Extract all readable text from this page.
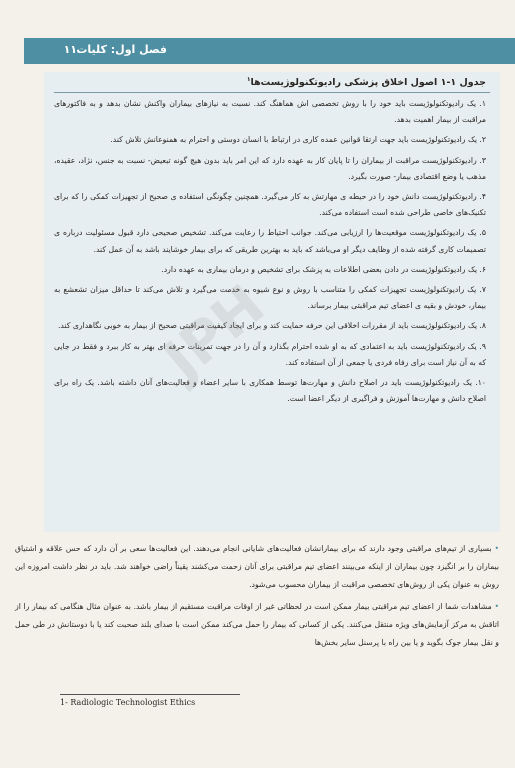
فصل اول: کلیات
۱۱
جدول ۱-۱ اصول اخلاق پزشکی رادیوتکنولوژیست‌ها$^۱$

۱. یک رادیوتکنولوژیست باید خود را با روش تخصصی اش هماهنگ کند. نسبت به نیازهای بیماران واکنش نشان بدهد و به فاکتورهای مراقبت از بیمار اهمیت بدهد.

۲. یک رادیوتکنولوژیست باید جهت ارتقا قوانین عمده کاری در ارتباط با انسان دوستی و احترام به همنوعانش تلاش کند.

۳. رادیوتکنولوژیست مراقبت از بیماران را تا پایان کار به عهده دارد که این امر باید بدون هیچ گونه تبعیض- نسبت به جنس، نژاد، عقیده، مذهب یا وضع اقتصادی بیمار- صورت بگیرد.

۴. رادیوتکنولوژیست دانش خود را در حیطه ی مهارتش به کار می‌گیرد. همچنین چگونگی استفاده ی صحیح از تجهیزات کمکی را که برای تکنیک‌های خاصی طراحی شده است استفاده می‌کند.

۵. یک رادیوتکنولوژیست موقعیت‌ها را ارزیابی می‌کند. جوانب احتیاط را رعایت می‌کند. تشخیص صحیحی دارد قبول مسئولیت درباره ی تصمیمات کاری گرفته شده از وظایف دیگر او می‌باشد که باید به بهترین طریقی که برای بیمار خوشایند باشد به آن عمل کند.

۶. یک رادیوتکنولوژیست در دادن بعضی اطلاعات به پزشک برای تشخیص و درمان بیماری به عهده دارد.

۷. یک رادیوتکنولوژیست تجهیزات کمکی را متناسب با روش و نوع شیوه به خدمت می‌گیرد و تلاش می‌کند تا حداقل میزان تشعشع به بیمار، خودش و بقیه ی اعضای تیم مراقبتی بیمار برساند.

۸. یک رادیوتکنولوژیست باید از مقررات اخلاقی این حرفه حمایت کند و برای ایجاد کیفیت مراقبتی صحیح از بیمار به خوبی نگاهداری کند.

۹. یک رادیوتکنولوژیست باید به اعتمادی که به او شده احترام بگذارد و آن را در جهت تمرینات حرفه ای بهتر به کار ببرد و فقط در جایی که به آن نیاز است برای رفاه فردی یا جمعی از آن استفاده کند.

۱۰. یک رادیوتکنولوژیست باید در اصلاح دانش و مهارت‌ها توسط همکاری با سایر اعضاء و فعالیت‌های آنان داشته باشد. یک راه برای اصلاح دانش و مهارت‌ها آموزش و فراگیری از دیگر اعضا است.

JPH

• بسیاری از تیم‌های مراقبتی وجود دارند که برای بیمارانشان فعالیت‌های شایانی انجام می‌دهند. این فعالیت‌ها سعی بر آن دارد که حس علاقه و اشتیاق بیماران را بر انگیزد چون بیماران از اینکه می‌بینند اعضای تیم مراقبتی برای آنان زحمت می‌کشند یقیناً راضی خواهند شد. باید در نظر داشت امروزه این روش به عنوان یکی از روش‌های تخصصی مراقبت از بیماران محسوب می‌شود.

• مشاهدات شما از اعضای تیم مراقبتی بیمار ممکن است در لحظاتی غیر از اوقات مراقبت مستقیم از بیمار باشد. به عنوان مثال هنگامی که بیمار را از اتاقش به مرکز آزمایش‌های ویژه منتقل می‌کنند. یکی از کسانی که بیمار را حمل می‌کند ممکن است با صدای بلند صحبت کند یا با دوستانش در طی حمل و نقل بیمار جوک بگوید و یا بین راه با پرسنل سایر بخش‌ها

1- Radiologic Technologist Ethics
